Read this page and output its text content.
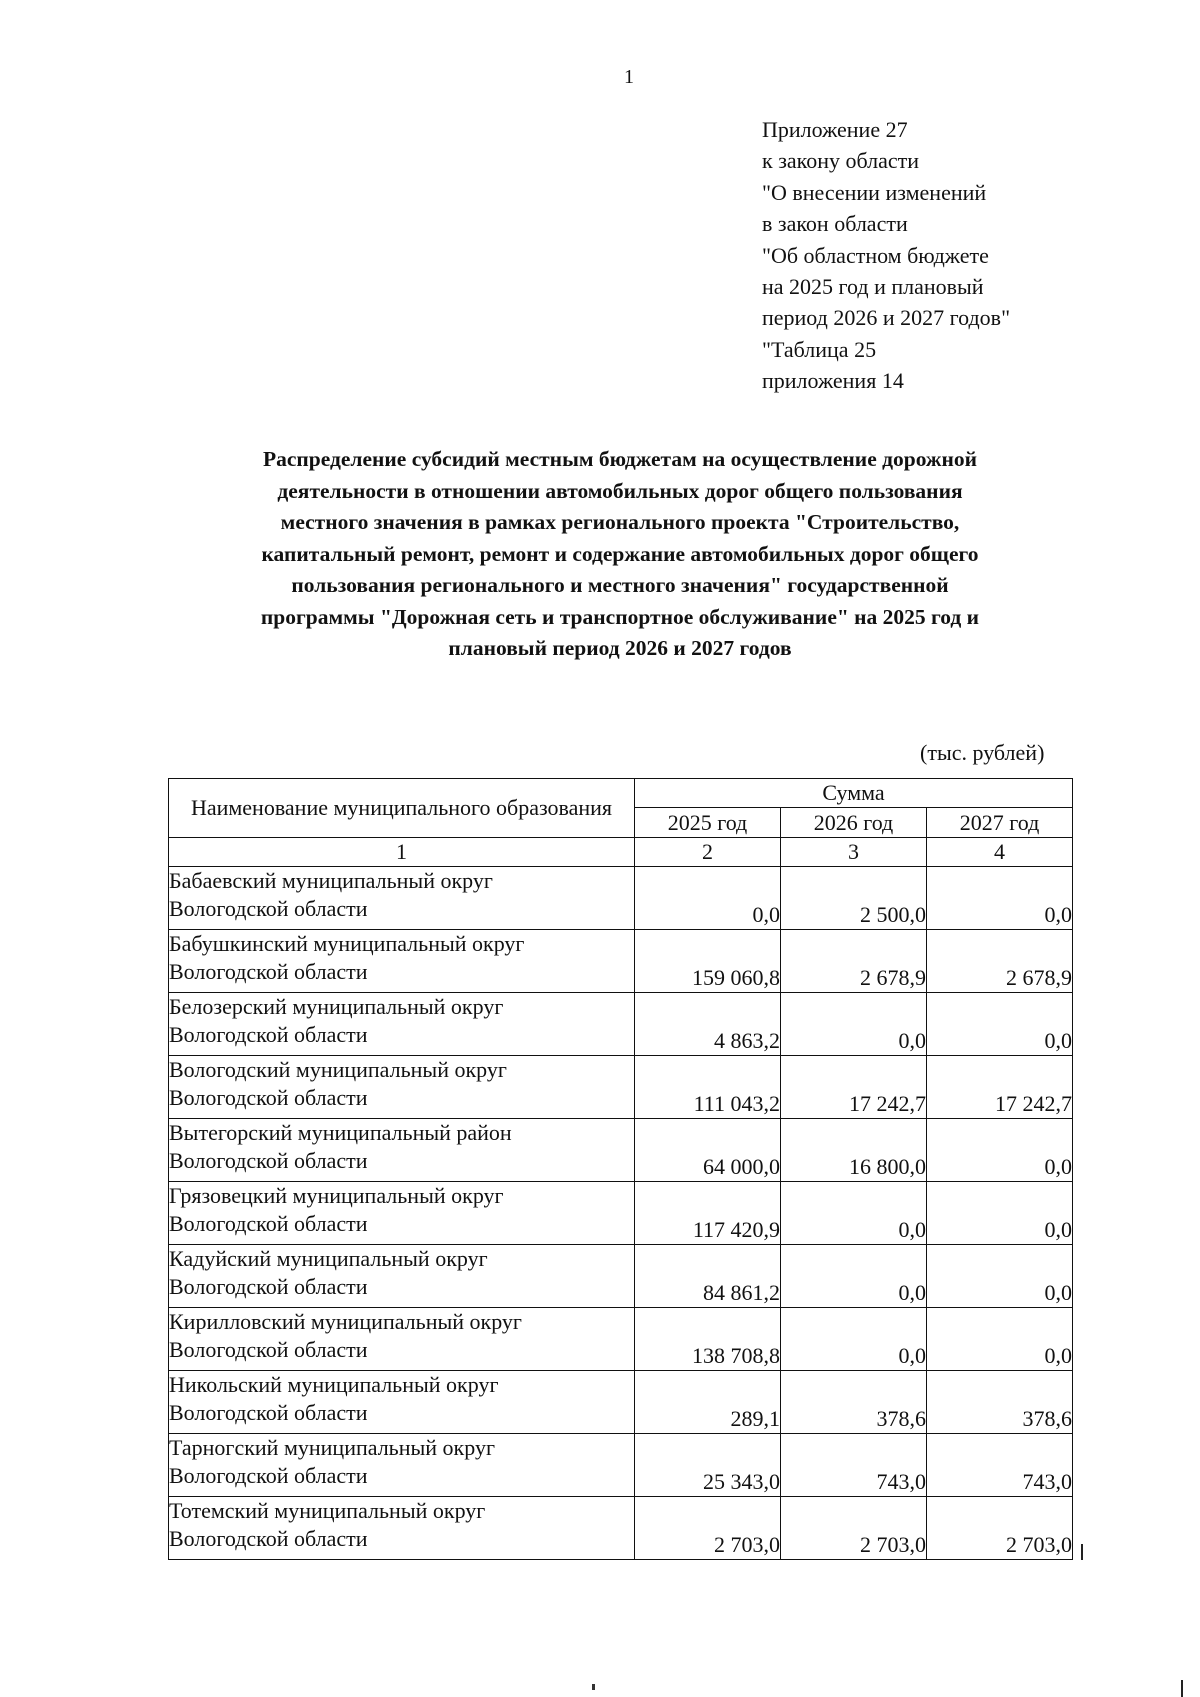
1
Приложение 27
к закону области
"О внесении изменений
в закон области
"Об областном бюджете
на 2025 год и плановый
период 2026 и 2027 годов"
"Таблица 25
приложения 14
Распределение субсидий местным бюджетам на осуществление дорожной
деятельности в отношении автомобильных дорог общего пользования
местного значения в рамках регионального проекта "Строительство,
капитальный ремонт, ремонт и содержание автомобильных дорог общего
пользования регионального и местного значения" государственной
программы "Дорожная сеть и транспортное обслуживание" на 2025 год и
плановый период 2026 и 2027 годов
(тыс. рублей)
Наименование муниципального образования	Сумма		
	2025 год	2026 год	2027 год
1	2	3	4

Бабаевский муниципальный округ
Вологодской области	0,0	2 500,0	0,0

Бабушкинский муниципальный округ
Вологодской области	159 060,8	2 678,9	2 678,9

Белозерский муниципальный округ
Вологодской области	4 863,2	0,0	0,0

Вологодский муниципальный округ
Вологодской области	111 043,2	17 242,7	17 242,7

Вытегорский муниципальный район
Вологодской области	64 000,0	16 800,0	0,0

Грязовецкий муниципальный округ
Вологодской области	117 420,9	0,0	0,0

Кадуйский муниципальный округ
Вологодской области	84 861,2	0,0	0,0

Кирилловский муниципальный округ
Вологодской области	138 708,8	0,0	0,0

Никольский муниципальный округ
Вологодской области	289,1	378,6	378,6

Тарногский муниципальный округ
Вологодской области	25 343,0	743,0	743,0

Тотемский муниципальный округ
Вологодской области	2 703,0	2 703,0	2 703,0
